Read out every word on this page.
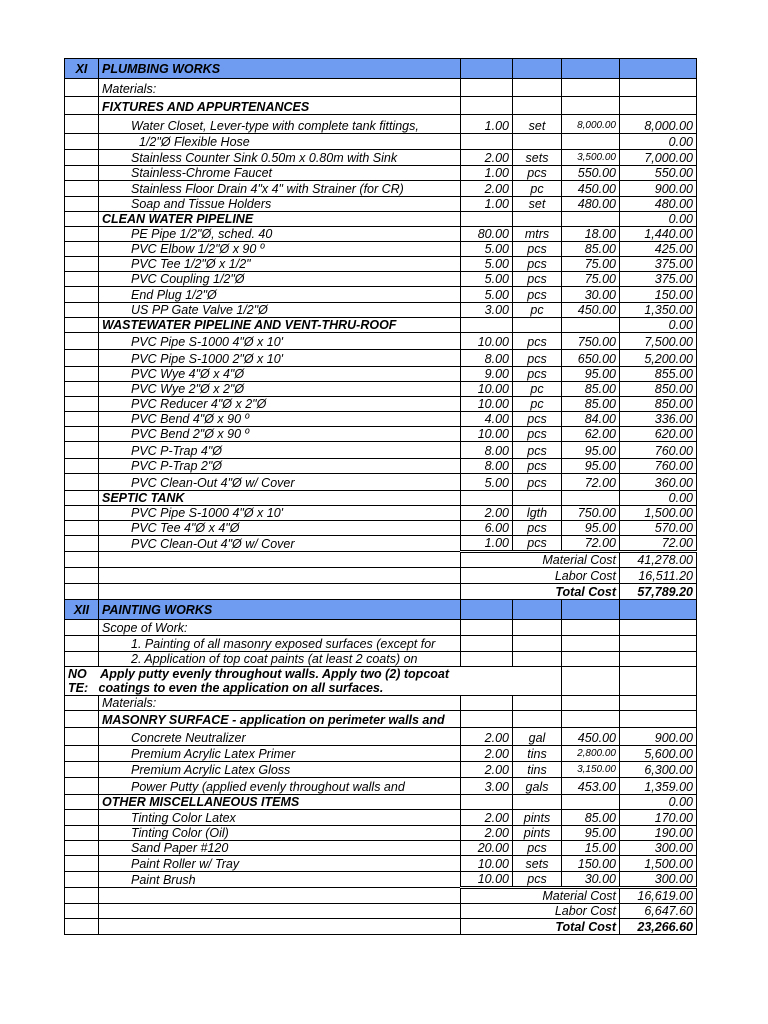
XI	PLUMBING WORKS				
	Materials:				
	FIXTURES AND APPURTENANCES				
	Water Closet, Lever-type with complete tank fittings,	1.00	set	8,000.00	8,000.00
	1/2"Ø Flexible Hose				0.00
	Stainless Counter Sink 0.50m x 0.80m with Sink	2.00	sets	3,500.00	7,000.00
	Stainless-Chrome Faucet	1.00	pcs	550.00	550.00
	Stainless Floor Drain 4"x 4" with Strainer (for CR)	2.00	pc	450.00	900.00
	Soap and Tissue Holders	1.00	set	480.00	480.00
	CLEAN WATER PIPELINE				0.00
	PE Pipe 1/2"Ø, sched. 40	80.00	mtrs	18.00	1,440.00
	PVC Elbow 1/2"Ø x 90 º	5.00	pcs	85.00	425.00
	PVC Tee 1/2"Ø x 1/2"	5.00	pcs	75.00	375.00
	PVC Coupling 1/2"Ø	5.00	pcs	75.00	375.00
	End Plug 1/2"Ø	5.00	pcs	30.00	150.00
	US PP Gate Valve 1/2"Ø	3.00	pc	450.00	1,350.00
	WASTEWATER PIPELINE AND VENT-THRU-ROOF				0.00
	PVC Pipe S-1000 4"Ø x 10'	10.00	pcs	750.00	7,500.00
	PVC Pipe S-1000 2"Ø x 10'	8.00	pcs	650.00	5,200.00
	PVC Wye 4"Ø x 4"Ø	9.00	pcs	95.00	855.00
	PVC Wye 2"Ø x 2"Ø	10.00	pc	85.00	850.00
	PVC Reducer 4"Ø x 2"Ø	10.00	pc	85.00	850.00
	PVC Bend 4"Ø x 90 º	4.00	pcs	84.00	336.00
	PVC Bend 2"Ø x 90 º	10.00	pcs	62.00	620.00
	PVC P-Trap 4"Ø	8.00	pcs	95.00	760.00
	PVC P-Trap 2"Ø	8.00	pcs	95.00	760.00
	PVC Clean-Out 4"Ø w/ Cover	5.00	pcs	72.00	360.00
	SEPTIC TANK				0.00
	PVC Pipe S-1000 4"Ø x 10'	2.00	lgth	750.00	1,500.00
	PVC Tee 4"Ø x 4"Ø	6.00	pcs	95.00	570.00
	PVC Clean-Out 4"Ø w/ Cover	1.00	pcs	72.00	72.00
		Material Cost			41,278.00
		Labor Cost			16,511.20
		Total Cost			57,789.20
XII	PAINTING WORKS				
	Scope of Work:				
	1. Painting of all masonry exposed surfaces (except for				
	2. Application of top coat paints (at least 2 coats) on				
NO    Apply putty evenly throughout walls. Apply two (2) topcoat
TE:   coatings to even the application on all surfaces.					
	Materials:				
	MASONRY SURFACE - application on perimeter walls and				
	Concrete Neutralizer	2.00	gal	450.00	900.00
	Premium Acrylic Latex Primer	2.00	tins	2,800.00	5,600.00
	Premium Acrylic Latex Gloss	2.00	tins	3,150.00	6,300.00
	Power Putty (applied evenly throughout walls and	3.00	gals	453.00	1,359.00
	OTHER MISCELLANEOUS ITEMS				0.00
	Tinting Color Latex	2.00	pints	85.00	170.00
	Tinting Color (Oil)	2.00	pints	95.00	190.00
	Sand Paper #120	20.00	pcs	15.00	300.00
	Paint Roller w/ Tray	10.00	sets	150.00	1,500.00
	Paint Brush	10.00	pcs	30.00	300.00
		Material Cost			16,619.00
		Labor Cost			6,647.60
		Total Cost			23,266.60
